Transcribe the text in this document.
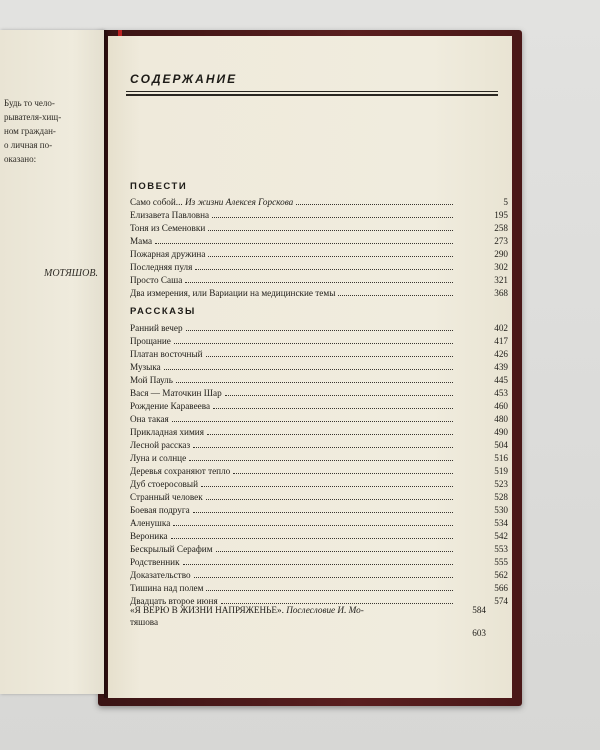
Будь то чело-
рывателя-хищ-
ном граждан-
о личная по-
оказано:
МОТЯШОВ.
СОДЕРЖАНИЕ
ПОВЕСТИ
Само собой...
Из жизни Алексея Горскова	5
Елизавета Павловна	195
Тоня из Семеновки	258
Мама	273
Пожарная дружина	290
Последняя пуля	302
Просто Саша	321
Два измерения, или Вариации на медицинские темы	368
РАССКАЗЫ
Ранний вечер	402
Прощание	417
Платан восточный	426
Музыка	439
Мой Пауль	445
Вася — Маточкин Шар	453
Рождение Каравеева	460
Она такая	480
Прикладная химия	490
Лесной рассказ	504
Луна и солнце	516
Деревья сохраняют тепло	519
Дуб стоеросовый	523
Странный человек	528
Боевая подруга	530
Аленушка	534
Вероника	542
Бескрылый Серафим	553
Родственник	555
Доказательство	562
Тишина над полем	566
Двадцать второе июня	574
«Я ВЕРЮ В ЖИЗНИ НАПРЯЖЕНЬЕ». Послесловие И. Мо-	584
тяшова
603
